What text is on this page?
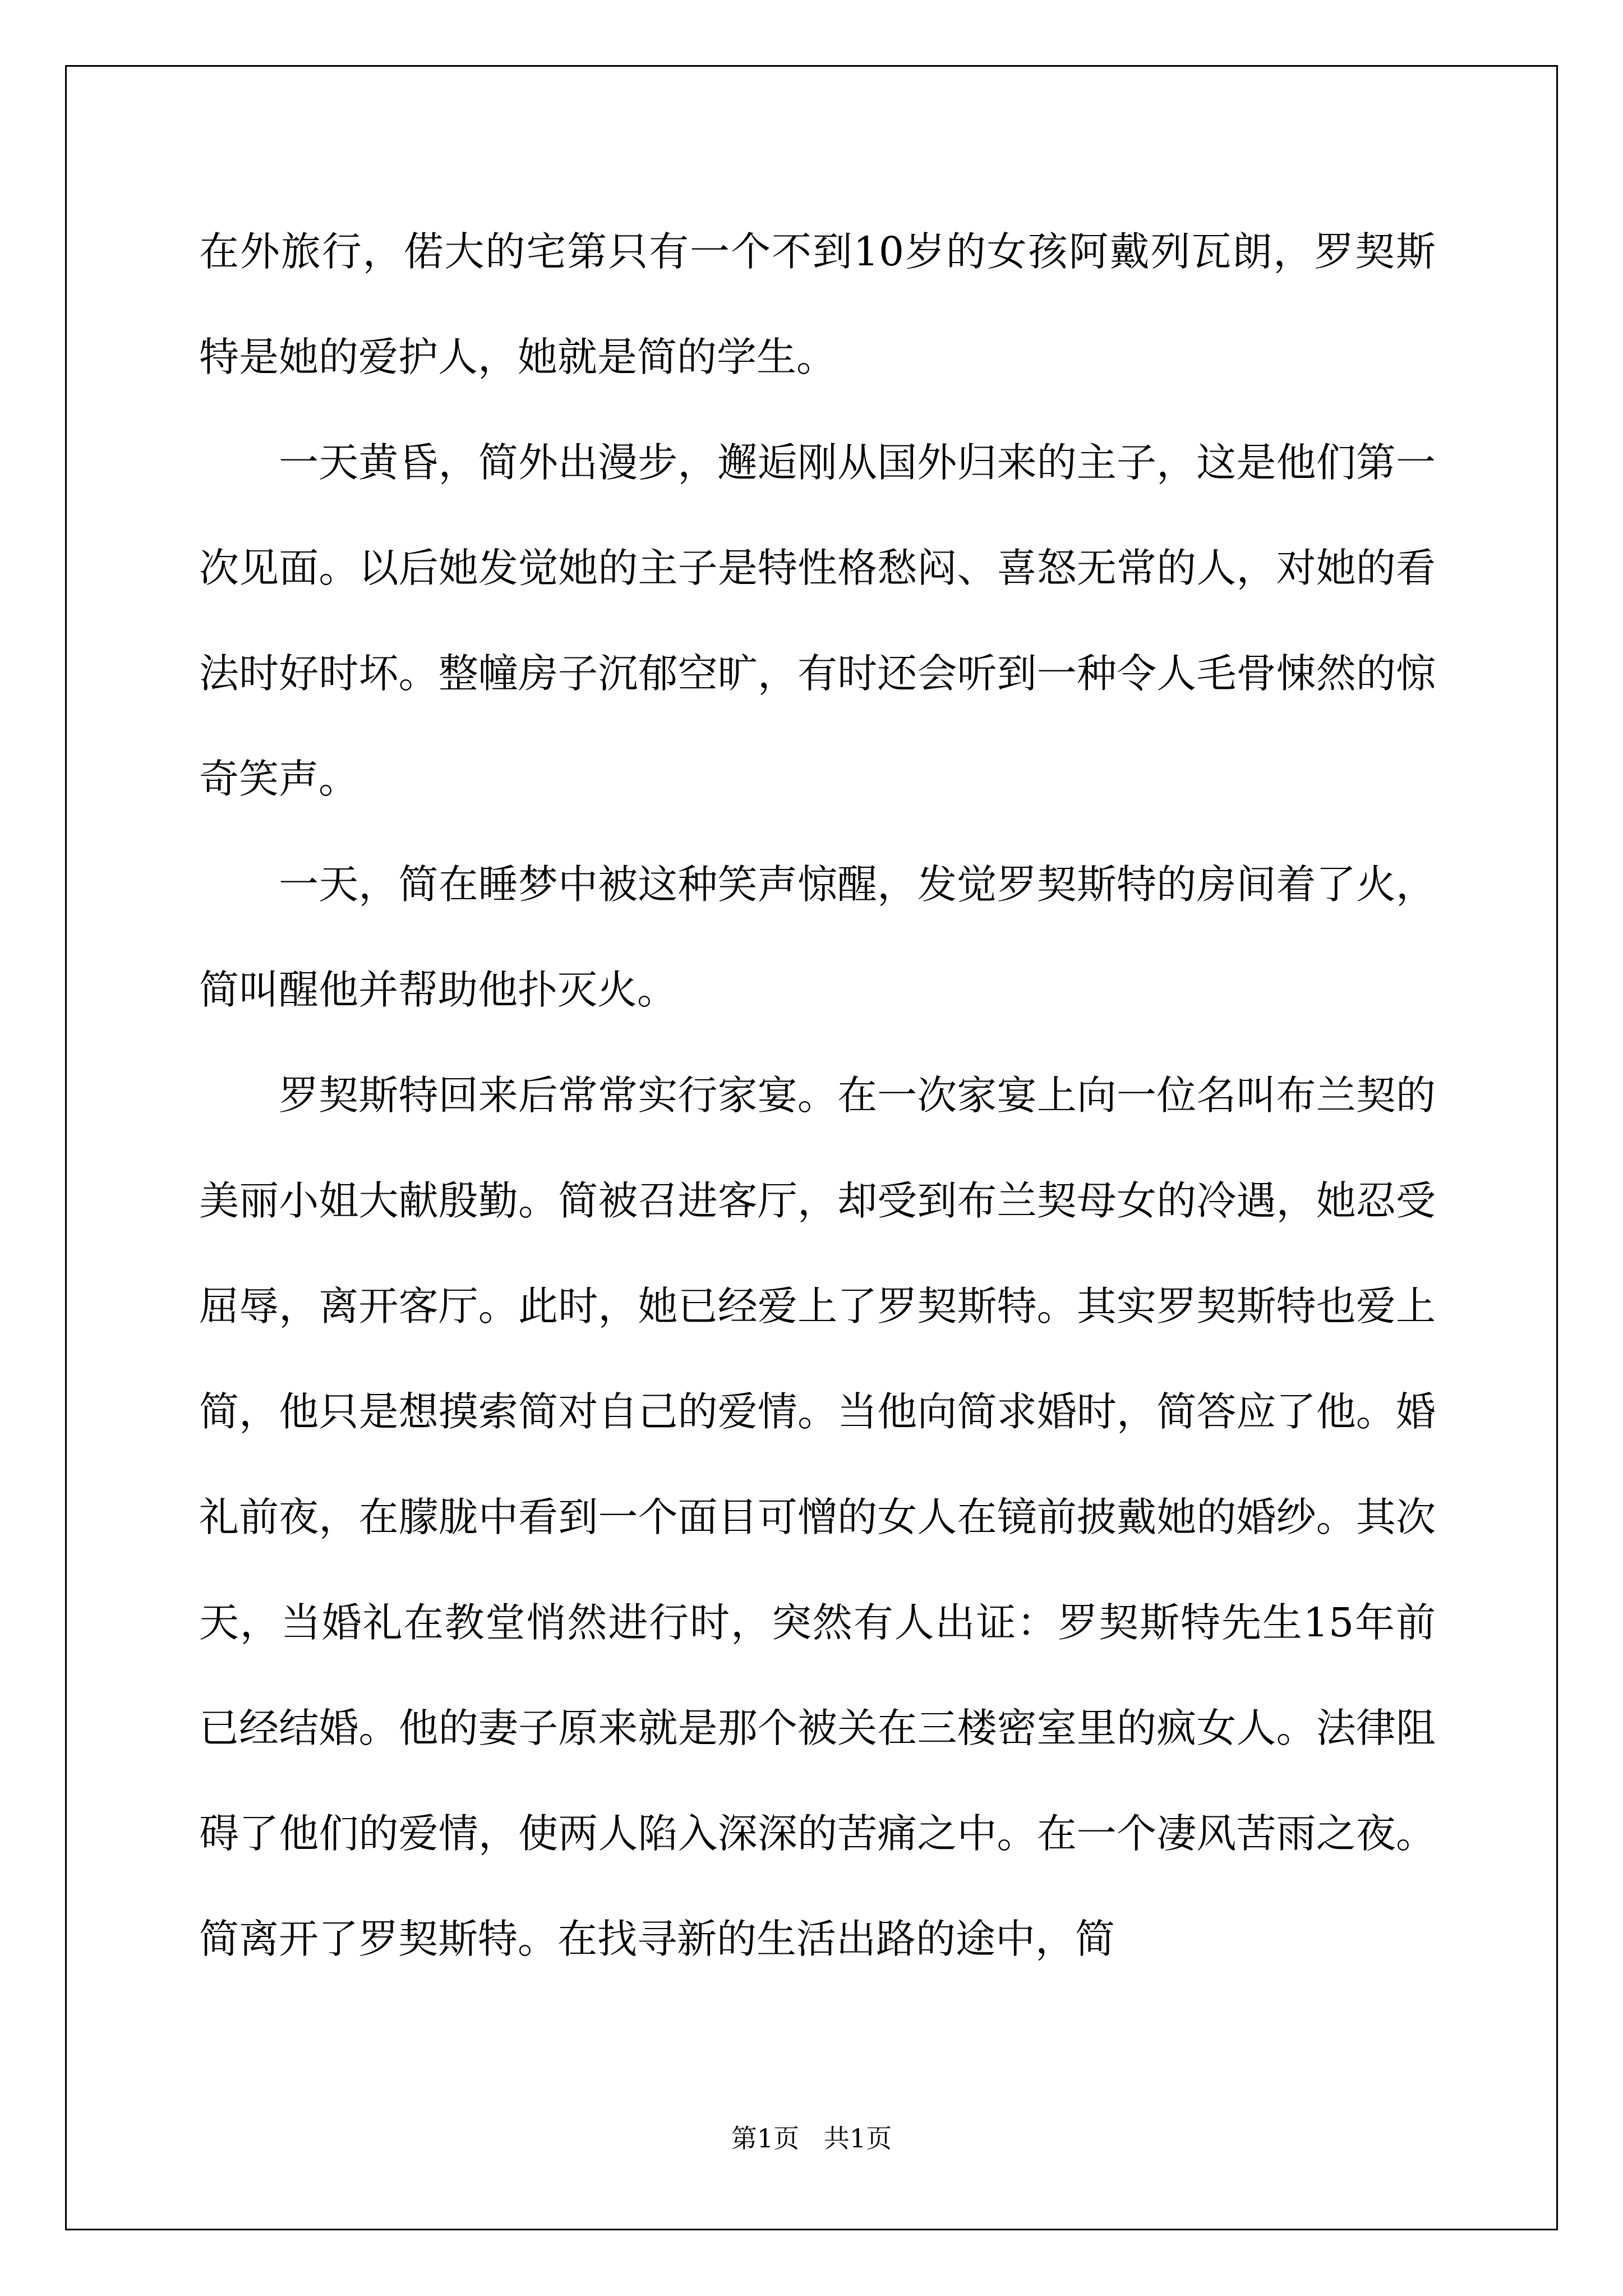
在外旅行，偌大的宅第只有一个不到10岁的女孩阿戴列瓦朗，罗契斯特是她的爱护人，她就是简的学生。

一天黄昏，简外出漫步，邂逅刚从国外归来的主子，这是他们第一次见面。以后她发觉她的主子是特性格愁闷、喜怒无常的人，对她的看法时好时坏。整幢房子沉郁空旷，有时还会听到一种令人毛骨悚然的惊奇笑声。

一天，简在睡梦中被这种笑声惊醒，发觉罗契斯特的房间着了火，简叫醒他并帮助他扑灭火。

罗契斯特回来后常常实行家宴。在一次家宴上向一位名叫布兰契的美丽小姐大献殷勤。简被召进客厅，却受到布兰契母女的冷遇，她忍受屈辱，离开客厅。此时，她已经爱上了罗契斯特。其实罗契斯特也爱上简，他只是想摸索简对自己的爱情。当他向简求婚时，简答应了他。婚礼前夜，在朦胧中看到一个面目可憎的女人在镜前披戴她的婚纱。其次天，当婚礼在教堂悄然进行时，突然有人出证：罗契斯特先生15年前已经结婚。他的妻子原来就是那个被关在三楼密室里的疯女人。法律阻碍了他们的爱情，使两人陷入深深的苦痛之中。在一个凄风苦雨之夜。简离开了罗契斯特。在找寻新的生活出路的途中，简

第1页   共1页
